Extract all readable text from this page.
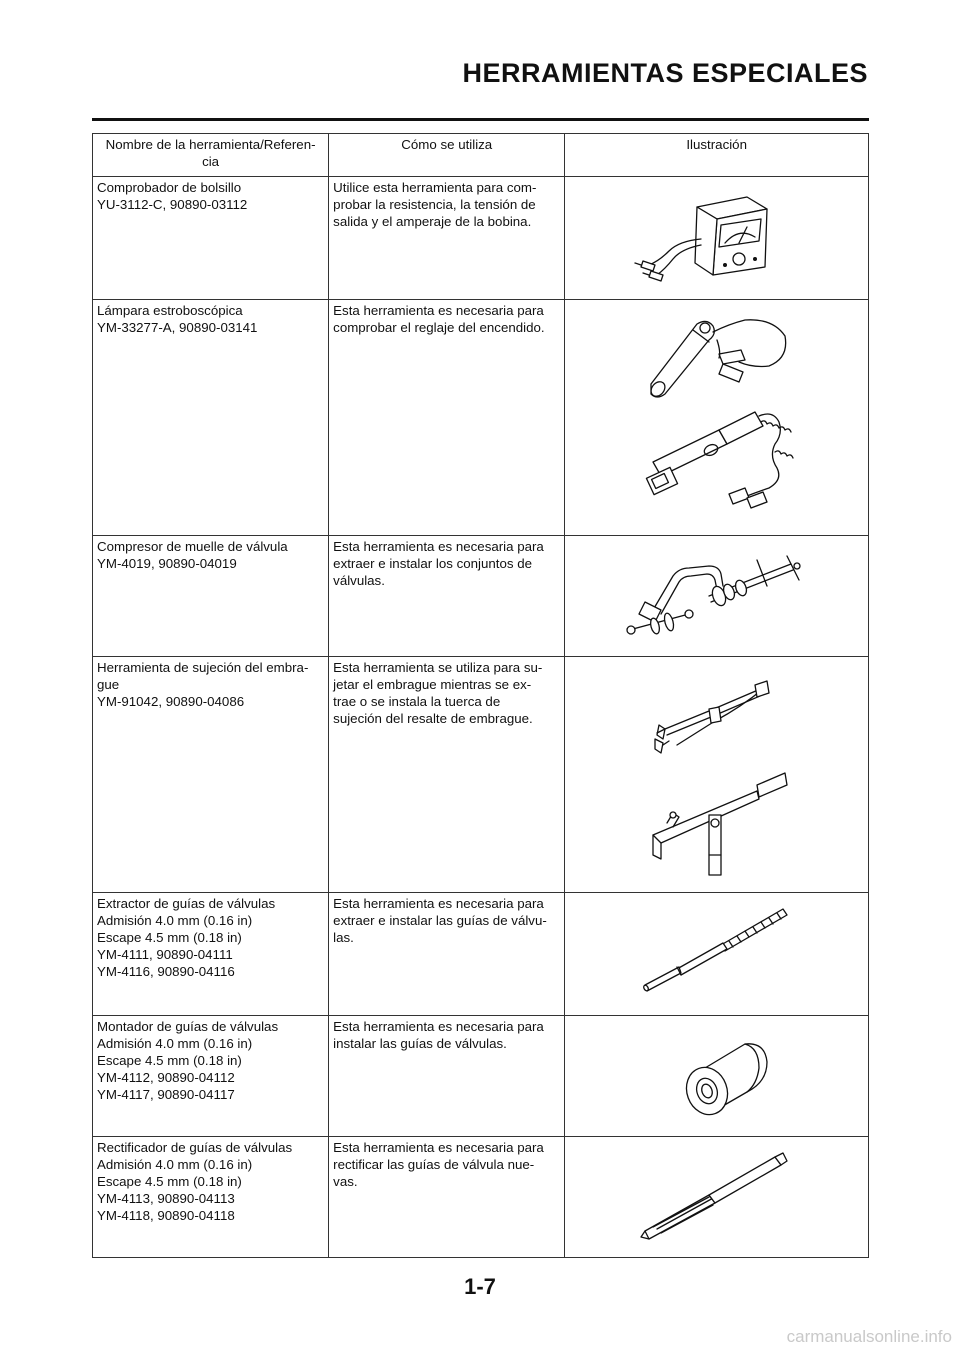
HERRAMIENTAS ESPECIALES
Nombre de la herramienta/Referen-
cia	Cómo se utiliza	Ilustración

Comprobador de bolsillo
YU-3112-C, 90890-03112	Utilice esta herramienta para com-
probar la resistencia, la tensión de
salida y el amperaje de la bobina.

Lámpara estroboscópica
YM-33277-A, 90890-03141	Esta herramienta es necesaria para
comprobar el reglaje del encendido.

Compresor de muelle de válvula
YM-4019, 90890-04019	Esta herramienta es necesaria para
extraer e instalar los conjuntos de
válvulas.

Herramienta de sujeción del embra-
gue
YM-91042, 90890-04086	Esta herramienta se utiliza para su-
jetar el embrague mientras se ex-
trae o se instala la tuerca de
sujeción del resalte de embrague.

Extractor de guías de válvulas
Admisión 4.0 mm (0.16 in)
Escape 4.5 mm (0.18 in)
YM-4111, 90890-04111
YM-4116, 90890-04116	Esta herramienta es necesaria para
extraer e instalar las guías de válvu-
las.

Montador de guías de válvulas
Admisión 4.0 mm (0.16 in)
Escape 4.5 mm (0.18 in)
YM-4112, 90890-04112
YM-4117, 90890-04117	Esta herramienta es necesaria para
instalar las guías de válvulas.

Rectificador de guías de válvulas
Admisión 4.0 mm (0.16 in)
Escape 4.5 mm (0.18 in)
YM-4113, 90890-04113
YM-4118, 90890-04118	Esta herramienta es necesaria para
rectificar las guías de válvula nue-
vas.

1-7
carmanualsonline.info
